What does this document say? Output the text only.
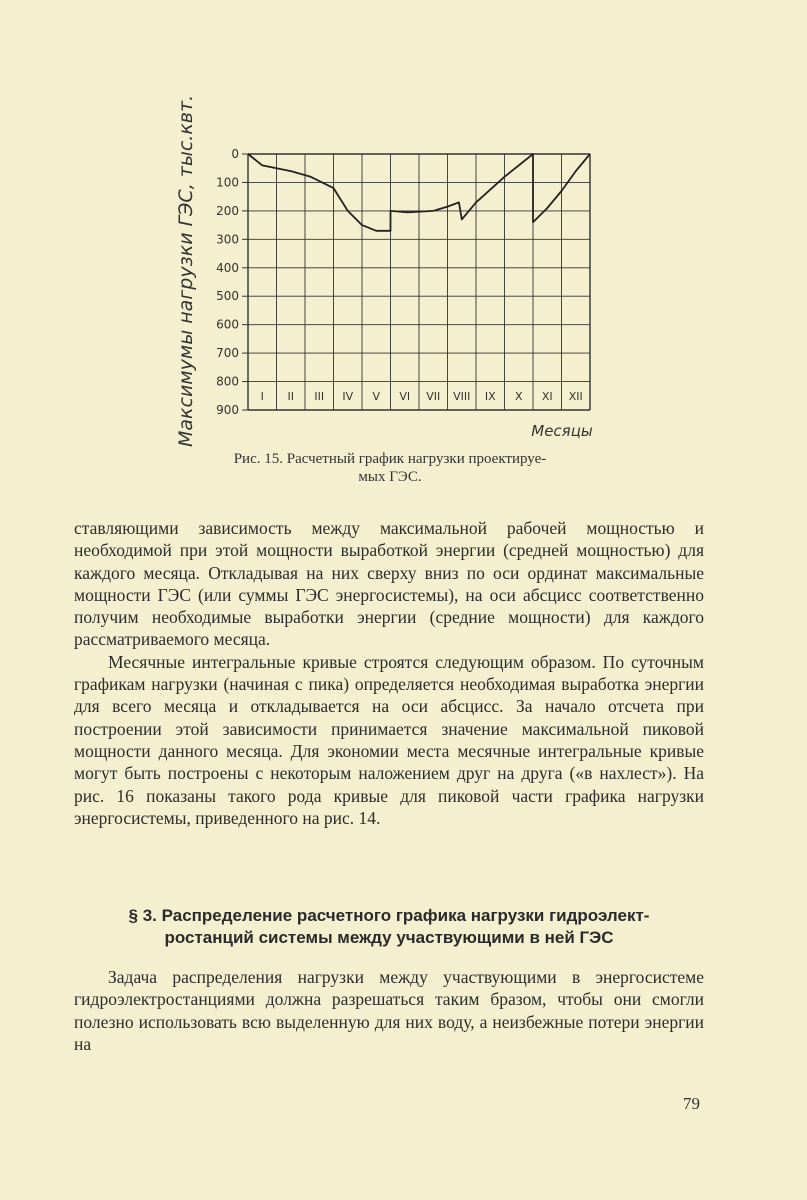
Максимумы нагрузки ГЭС, тыс.квт.	0
100
200
300
400
500
600
700
800
900
I II III IV V VI VII VIII IX X XI XII
Месяцы
Рис. 15. Расчетный график нагрузки проектируе-
мых ГЭС.

ставляющими зависимость между максимальной рабочей мощностью и необходимой при этой мощности выработкой энергии (средней мощностью) для каждого месяца. Откладывая на них сверху вниз по оси ординат максимальные мощности ГЭС (или суммы ГЭС энергосистемы), на оси абсцисс соответственно получим необходимые выработки энергии (средние мощности) для каждого рассматриваемого месяца.

Месячные интегральные кривые строятся следующим образом. По суточным графикам нагрузки (начиная с пика) определяется необходимая выработка энергии для всего месяца и откладывается на оси абсцисс. За начало отсчета при построении этой зависимости принимается значение максимальной пиковой мощности данного месяца. Для экономии места месячные интегральные кривые могут быть построены с некоторым наложением друг на друга («в нахлест»). На рис. 16 показаны такого рода кривые для пиковой части графика нагрузки энергосистемы, приведенного на рис. 14.

§ 3. Распределение расчетного графика нагрузки гидроэлект-
ростанций системы между участвующими в ней ГЭС

Задача распределения нагрузки между участвующими в энергосистеме гидроэлектростанциями должна разрешаться таким бразом, чтобы они смогли полезно использовать всю выделенную для них воду, а неизбежные потери энергии на

79
